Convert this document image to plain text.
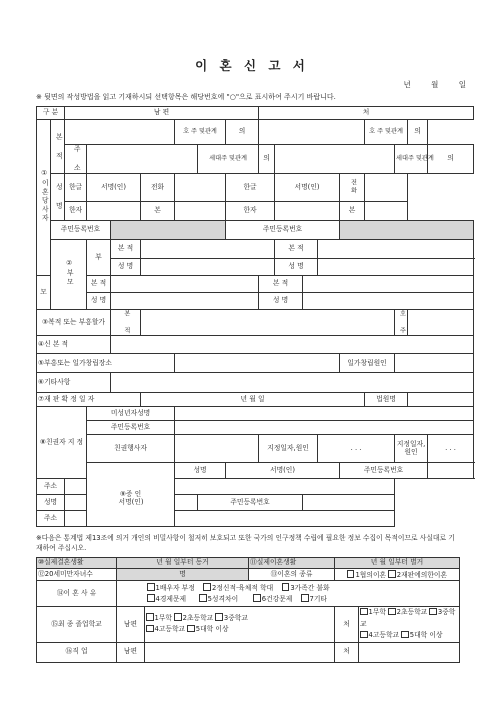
이 혼 신 고 서
년 월 일
※ 뒷면의 작성방법을 읽고 기재하시되 선택항목은 해당번호에 "○"으로 표시하여 주시기 바랍니다.
구 분		남 편							처								
①이혼당사자	본 적					호 주 및관계		의						호 주 및관계		의	
		주 소					세대주 및관계		의						세대주 및관계		의
	성 명	한글	서명(인)		전화			한글		서명(인)			전화				
		한자			본			한자					본				
	주민등록번호							주민등록번호									
	②부모		부	본 적						본 적							
				성 명						성 명							
모			본 적						본 적								
			성 명						성 명								
③복적 또는 부흥할가				본 적											호 주		
④신 본 적																	
⑤부흥또는 일가창립장소													일가창립원인				
⑥기타사항																	
⑦재 판 확 정 일 자					년 월 일									법원명			
⑧친권자 지 정			미성년자성명														
			주민등록번호														
			친권행사자						지정일자,원인			. . .			지정일자,원인		. . .
			⑨증 인			성명		서명(인)					주민등록번호				
주소																	
성명		서명(인)					주민등록번호										
주소																	
※다음은 통계법 제13조에 의거 개인의 비밀사항이 철저히 보호되고 또한 국가의 인구정책 수립에 필요한 정보 수집이 목적이므로 사실대로 기재하여 주십시오.
⑩실제결혼생활	년 월 일부터 동거		⑪실제이혼생활	년 월 일부터 별거	
⑫20세미만자녀수	명		⑬이혼의 종류	1협의이혼 2재판에의한이혼	
⑭이 혼 사 유	1배우자 부정 2정신적·육체적 학대 3가족간 불화
4경제문제 5성격차이 6건강문제 7기타				
⑮최 종 졸업학교	남편	1무학 2초등학교 3중학교
4고등학교 5대학 이상		처	1무학 2초등학교 3중학교
4고등학교 5대학 이상
⑯직 업	남편			처	
